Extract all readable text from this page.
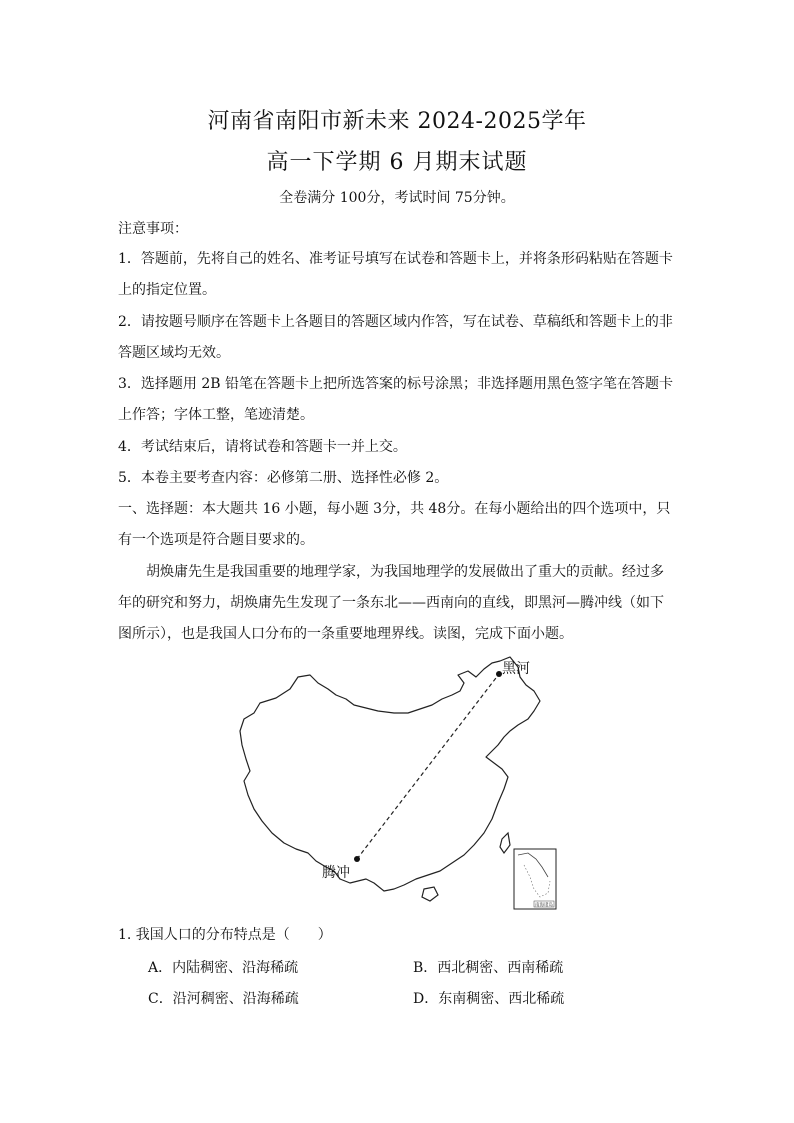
河南省南阳市新未来 2024-2025学年
高一下学期 6 月期末试题
全卷满分 100分，考试时间 75分钟。
注意事项：
1．答题前，先将自己的姓名、准考证号填写在试卷和答题卡上，并将条形码粘贴在答题卡
上的指定位置。
2．请按题号顺序在答题卡上各题目的答题区域内作答，写在试卷、草稿纸和答题卡上的非
答题区域均无效。
3．选择题用 2B 铅笔在答题卡上把所选答案的标号涂黑；非选择题用黑色签字笔在答题卡
上作答；字体工整，笔迹清楚。
4．考试结束后，请将试卷和答题卡一并上交。
5．本卷主要考查内容：必修第二册、选择性必修 2。
一、选择题：本大题共 16 小题，每小题 3分，共 48分。在每小题给出的四个选项中，只
有一个选项是符合题目要求的。
胡焕庸先生是我国重要的地理学家，为我国地理学的发展做出了重大的贡献。经过多
年的研究和努力，胡焕庸先生发现了一条东北——西南向的直线，即黑河—腾冲线（如下
图所示），也是我国人口分布的一条重要地理界线。读图，完成下面小题。
黑河
腾冲
南海诸岛
1. 我国人口的分布特点是（　　）
A．内陆稠密、沿海稀疏	B．西北稠密、西南稀疏
C．沿河稠密、沿海稀疏	D．东南稠密、西北稀疏
